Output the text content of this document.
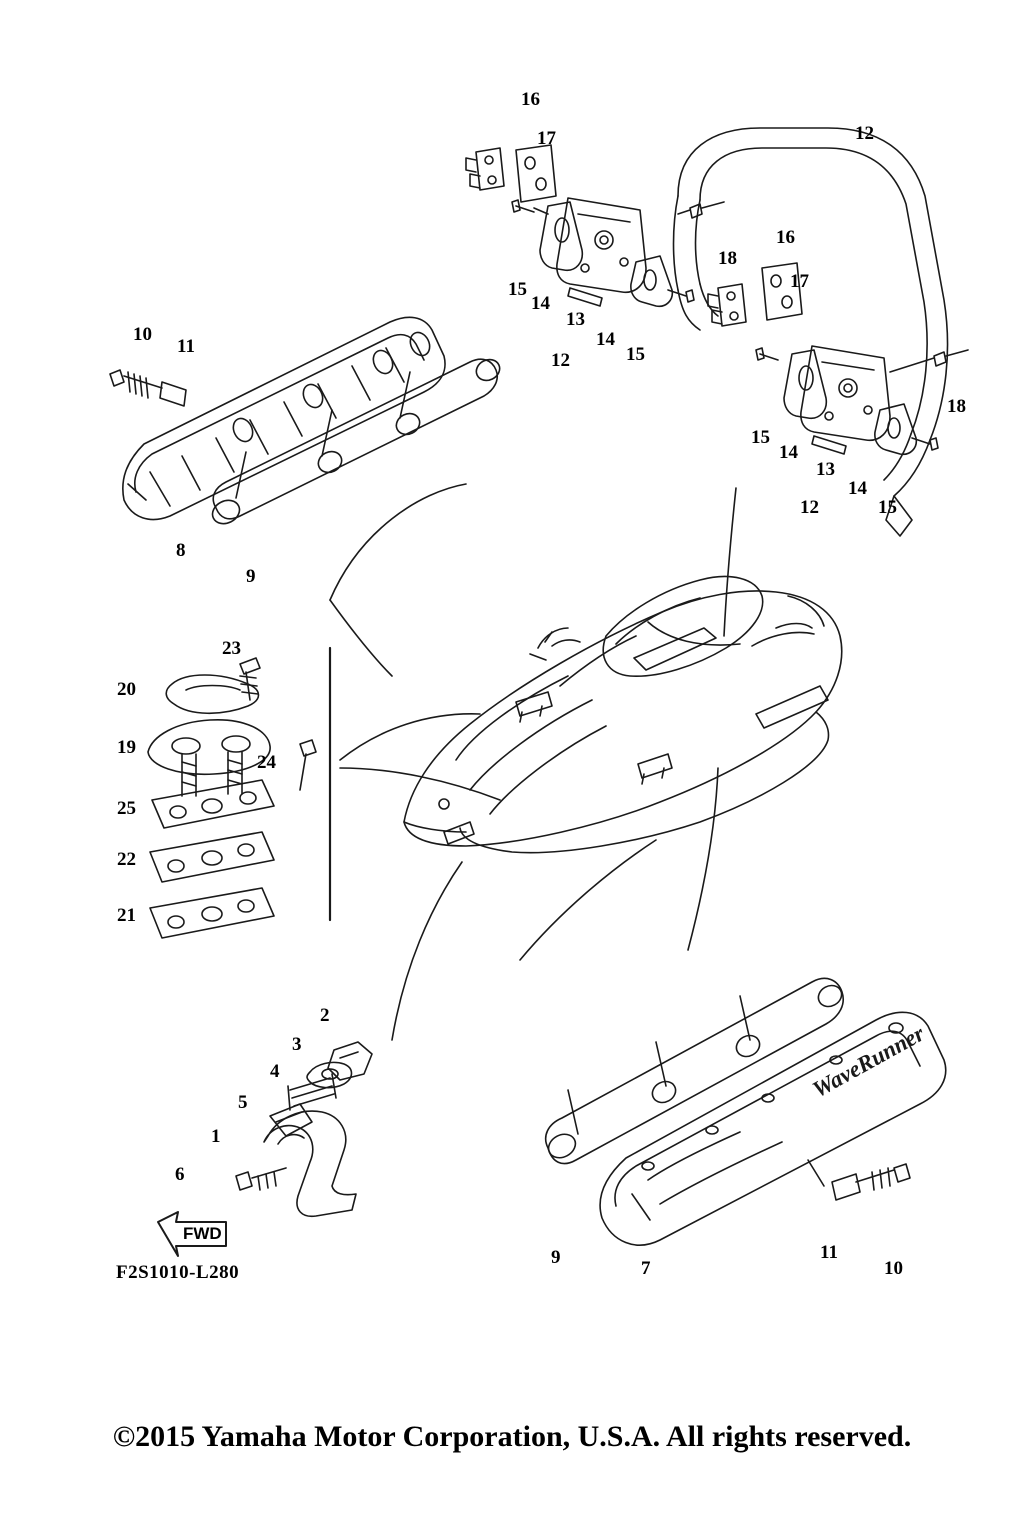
WaveRunner
16
17	12
18
16
17
15
14
13
14
15
12
18
15
14
13
14
15
12
10
11
8
9
23
20
19
24
25
22
21
2
3
4
5
1
6
9
7
11
10
FWD
F2S1010-L280
©2015 Yamaha Motor Corporation, U.S.A. All rights reserved.
